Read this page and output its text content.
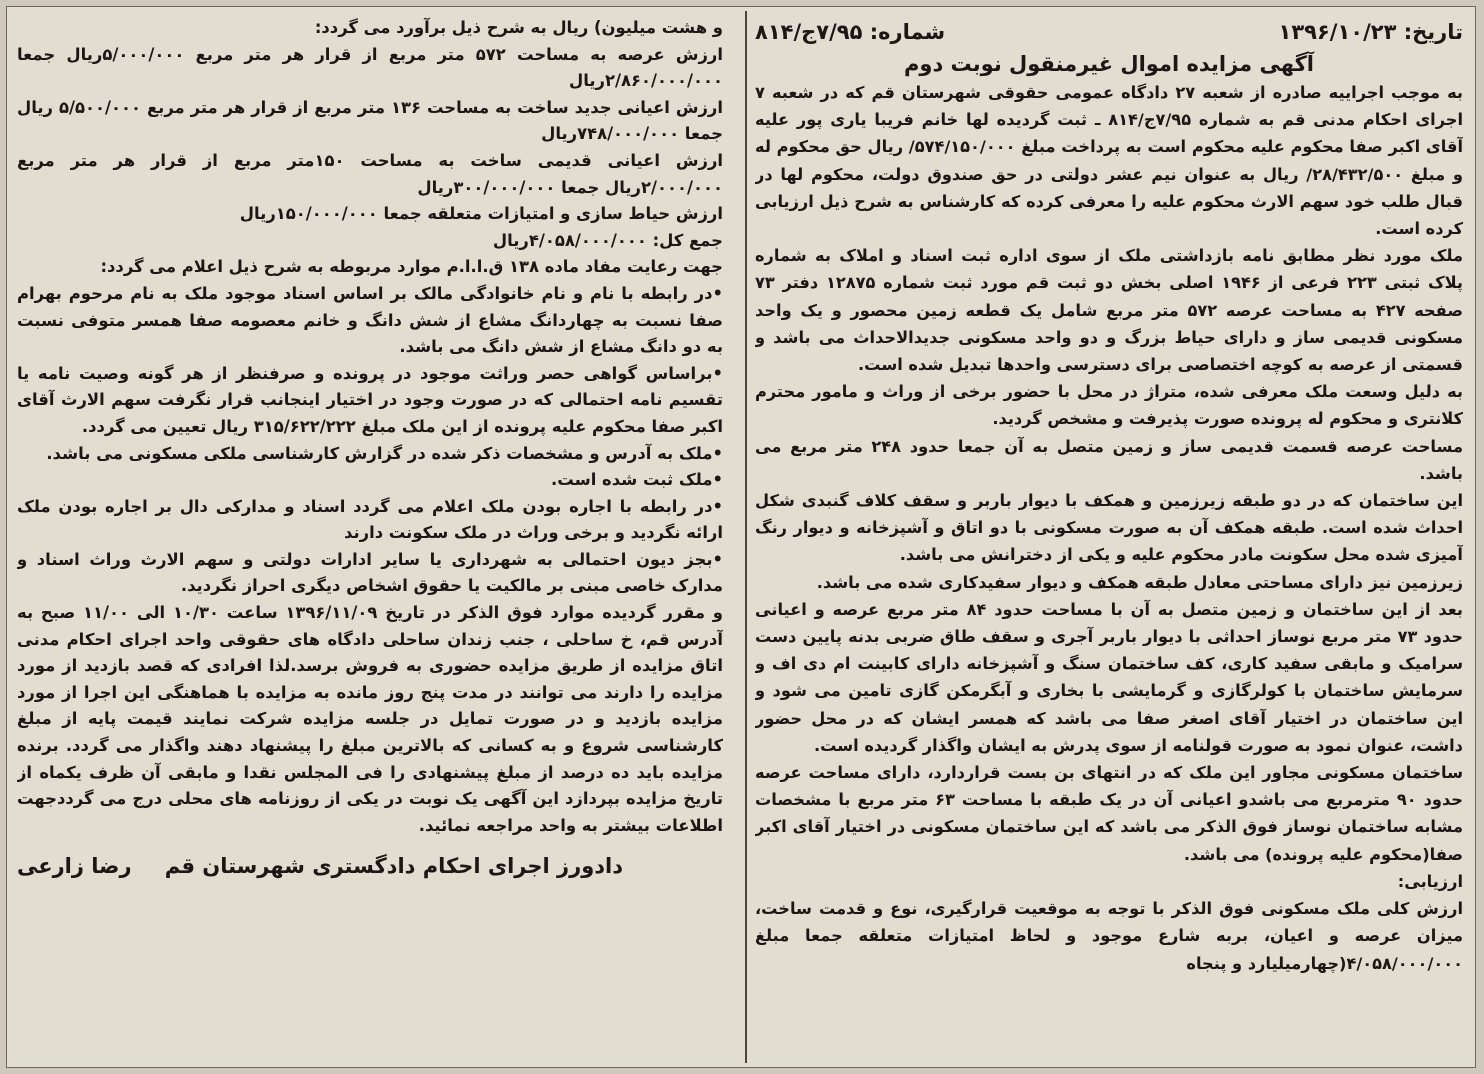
تاریخ: ۱۳۹۶/۱۰/۲۳
شماره: ۷/۹۵ج/۸۱۴
آگهی مزایده اموال غیرمنقول نوبت دوم

به موجب اجراییه صادره از شعبه ۲۷ دادگاه عمومی حقوقی شهرستان قم که در شعبه ۷ اجرای احکام مدنی قم به شماره ۷/۹۵ج/۸۱۴ ـ ثبت گردیده لها خانم فریبا یاری پور علیه آقای اکبر صفا محکوم علیه محکوم است به پرداخت مبلغ ۵۷۴/۱۵۰/۰۰۰/ ریال حق محکوم له و مبلغ ۲۸/۴۳۲/۵۰۰/ ریال به عنوان نیم عشر دولتی در حق صندوق دولت، محکوم لها در قبال طلب خود سهم الارث محکوم علیه را معرفی کرده که کارشناس به شرح ذیل ارزیابی کرده است.

ملک مورد نظر مطابق نامه بازداشتی ملک از سوی اداره ثبت اسناد و املاک به شماره پلاک ثبتی ۲۲۳ فرعی از ۱۹۴۶ اصلی بخش دو ثبت قم مورد ثبت شماره ۱۲۸۷۵ دفتر ۷۳ صفحه ۴۲۷ به مساحت عرصه ۵۷۲ متر مربع شامل یک قطعه زمین محصور و یک واحد مسکونی قدیمی ساز و دارای حیاط بزرگ و دو واحد مسکونی جدیدالاحداث می باشد و قسمتی از عرصه به کوچه اختصاصی برای دسترسی واحدها تبدیل شده است.

به دلیل وسعت ملک معرفی شده، متراژ در محل با حضور برخی از وراث و مامور محترم کلانتری و محکوم له پرونده صورت پذیرفت و مشخص گردید.

مساحت عرصه قسمت قدیمی ساز و زمین متصل به آن جمعا حدود ۲۴۸ متر مربع می باشد.

این ساختمان که در دو طبقه زیرزمین و همکف با دیوار باربر و سقف کلاف گنبدی شکل احداث شده است. طبقه همکف آن به صورت مسکونی با دو اتاق و آشپزخانه و دیوار رنگ آمیزی شده محل سکونت مادر محکوم علیه و یکی از دخترانش می باشد.

زیرزمین نیز دارای مساحتی معادل طبقه همکف و دیوار سفیدکاری شده می باشد.

بعد از این ساختمان و زمین متصل به آن با مساحت حدود ۸۴ متر مربع عرصه و اعیانی حدود ۷۳ متر مربع نوساز احداثی با دیوار باربر آجری و سقف طاق ضربی بدنه پایین دست سرامیک و مابقی سفید کاری، کف ساختمان سنگ و آشپزخانه دارای کابینت ام دی اف و سرمایش ساختمان با کولرگازی و گرمایشی با بخاری و آبگرمکن گازی تامین می شود و این ساختمان در اختیار آقای اصغر صفا می باشد که همسر ایشان که در محل حضور داشت، عنوان نمود به صورت قولنامه از سوی پدرش به ایشان واگذار گردیده است.

ساختمان مسکونی مجاور این ملک که در انتهای بن بست قراردارد، دارای مساحت عرصه حدود ۹۰ مترمربع می باشدو اعیانی آن در یک طبقه با مساحت ۶۳ متر مربع با مشخصات مشابه ساختمان نوساز فوق الذکر می باشد که این ساختمان مسکونی در اختیار آقای اکبر صفا(محکوم علیه پرونده) می باشد.

ارزیابی:

ارزش کلی ملک مسکونی فوق الذکر با توجه به موقعیت قرارگیری، نوع و قدمت ساخت، میزان عرصه و اعیان، بربه شارع موجود و لحاظ امتیازات متعلقه جمعا مبلغ ۴/۰۵۸/۰۰۰/۰۰۰(چهارمیلیارد و پنجاه

و هشت میلیون) ریال به شرح ذیل برآورد می گردد:

ارزش عرصه به مساحت ۵۷۲ متر مربع از قرار هر متر مربع ۵/۰۰۰/۰۰۰ریال جمعا ۲/۸۶۰/۰۰۰/۰۰۰ریال

ارزش اعیانی جدید ساخت به مساحت ۱۳۶ متر مربع از قرار هر متر مربع ۵/۵۰۰/۰۰۰ ریال جمعا ۷۴۸/۰۰۰/۰۰۰ریال

ارزش اعیانی قدیمی ساخت به مساحت ۱۵۰متر مربع از قرار هر متر مربع ۲/۰۰۰/۰۰۰ریال جمعا ۳۰۰/۰۰۰/۰۰۰ریال

ارزش حیاط سازی و امتیازات متعلقه جمعا ۱۵۰/۰۰۰/۰۰۰ریال

جمع کل: ۴/۰۵۸/۰۰۰/۰۰۰ریال

جهت رعایت مفاد ماده ۱۳۸ ق.ا.ا.م موارد مربوطه به شرح ذیل اعلام می گردد:

•در رابطه با نام و نام خانوادگی مالک بر اساس اسناد موجود ملک به نام مرحوم بهرام صفا نسبت به چهاردانگ مشاع از شش دانگ و خانم معصومه صفا همسر متوفی نسبت به دو دانگ مشاع از شش دانگ می باشد.

•براساس گواهی حصر وراثت موجود در پرونده و صرفنظر از هر گونه وصیت نامه یا تقسیم نامه احتمالی که در صورت وجود در اختیار اینجانب قرار نگرفت سهم الارث آقای اکبر صفا محکوم علیه پرونده از این ملک مبلغ ۳۱۵/۶۲۲/۲۲۲ ریال تعیین می گردد.

•ملک به آدرس و مشخصات ذکر شده در گزارش کارشناسی ملکی مسکونی می باشد.

•ملک ثبت شده است.

•در رابطه با اجاره بودن ملک اعلام می گردد اسناد و مدارکی دال بر اجاره بودن ملک ارائه نگردید و برخی وراث در ملک سکونت دارند

•بجز دیون احتمالی به شهرداری یا سایر ادارات دولتی و سهم الارث وراث اسناد و مدارک خاصی مبنی بر مالکیت یا حقوق اشخاص دیگری احراز نگردید.

و مقرر گردیده موارد فوق الذکر در تاریخ ۱۳۹۶/۱۱/۰۹ ساعت ۱۰/۳۰ الی ۱۱/۰۰ صبح به آدرس قم، خ ساحلی ، جنب زندان ساحلی دادگاه های حقوقی واحد اجرای احکام مدنی اتاق مزایده از طریق مزایده حضوری به فروش برسد.لذا افرادی که قصد بازدید از مورد مزایده را دارند می توانند در مدت پنج روز مانده به مزایده با هماهنگی این اجرا از مورد مزایده بازدید و در صورت تمایل در جلسه مزایده شرکت نمایند قیمت پایه از مبلغ کارشناسی شروع و به کسانی که بالاترین مبلغ را پیشنهاد دهند واگذار می گردد. برنده مزایده باید ده درصد از مبلغ پیشنهادی را فی المجلس نقدا و مابقی آن ظرف یکماه از تاریخ مزایده بپردازد این آگهی یک نوبت در یکی از روزنامه های محلی درج می گرددجهت اطلاعات بیشتر به واحد مراجعه نمائید.

دادورز اجرای احکام دادگستری شهرستان قم
رضا زارعی
